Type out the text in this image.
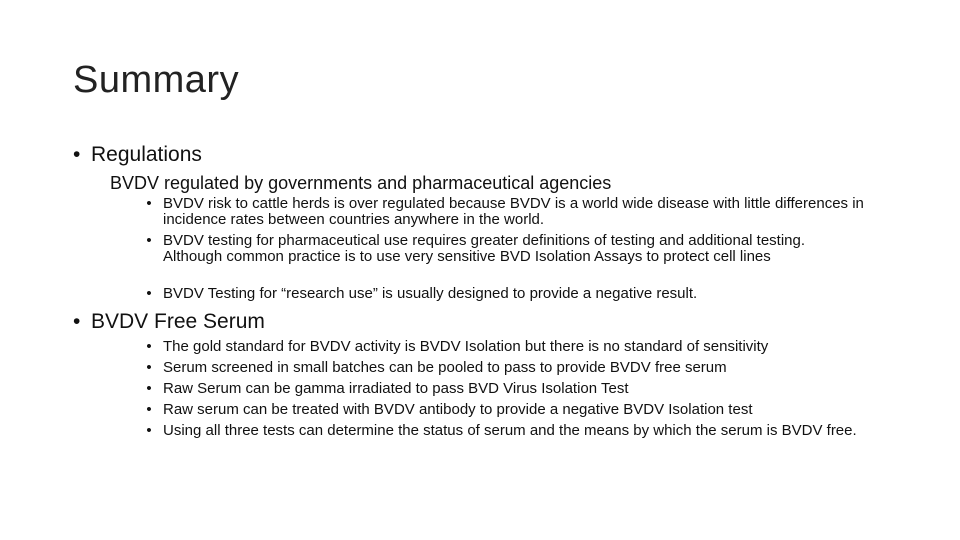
Summary
• Regulations
BVDV regulated by governments and pharmaceutical agencies
• BVDV risk to cattle herds is over regulated because BVDV is a world wide disease with little differences in incidence rates between countries anywhere in the world.
• BVDV testing for pharmaceutical use requires greater definitions of testing and additional testing. Although common practice is to use very sensitive BVD Isolation Assays to protect cell lines
• BVDV Testing for “research use” is usually designed to provide a negative result.
• BVDV Free Serum
• The gold standard for BVDV activity is BVDV Isolation but there is no standard of sensitivity
• Serum screened in small batches can be pooled to pass to provide BVDV free serum
• Raw Serum can be gamma irradiated to pass BVD Virus Isolation Test
• Raw serum can be treated with BVDV antibody to provide a negative BVDV Isolation test
• Using all three tests can determine the status of serum and the means by which the serum is BVDV free.
